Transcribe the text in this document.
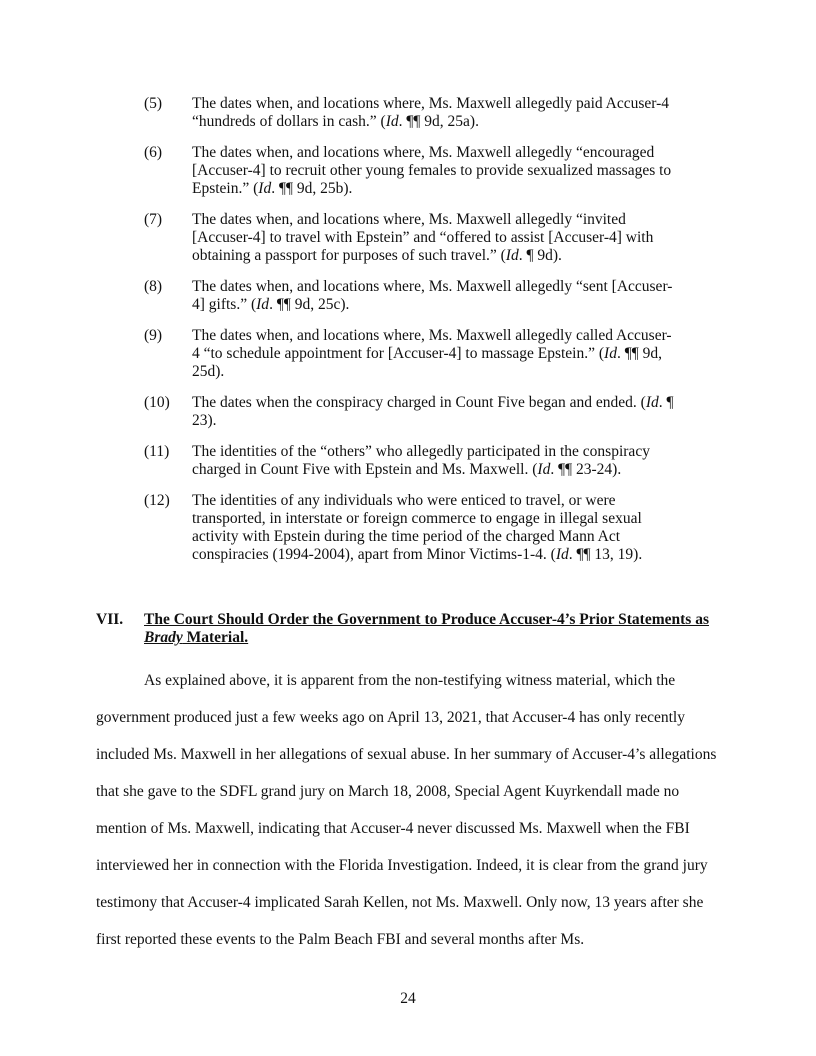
(5)	The dates when, and locations where, Ms. Maxwell allegedly paid Accuser-4 “hundreds of dollars in cash.” (Id. ¶¶ 9d, 25a).
(6)	The dates when, and locations where, Ms. Maxwell allegedly “encouraged [Accuser-4] to recruit other young females to provide sexualized massages to Epstein.” (Id. ¶¶ 9d, 25b).
(7)	The dates when, and locations where, Ms. Maxwell allegedly “invited [Accuser-4] to travel with Epstein” and “offered to assist [Accuser-4] with obtaining a passport for purposes of such travel.” (Id. ¶ 9d).
(8)	The dates when, and locations where, Ms. Maxwell allegedly “sent [Accuser-4] gifts.” (Id. ¶¶ 9d, 25c).
(9)	The dates when, and locations where, Ms. Maxwell allegedly called Accuser-4 “to schedule appointment for [Accuser-4] to massage Epstein.” (Id. ¶¶ 9d, 25d).
(10)	The dates when the conspiracy charged in Count Five began and ended. (Id. ¶ 23).
(11)	The identities of the “others” who allegedly participated in the conspiracy charged in Count Five with Epstein and Ms. Maxwell. (Id. ¶¶ 23-24).
(12)	The identities of any individuals who were enticed to travel, or were transported, in interstate or foreign commerce to engage in illegal sexual activity with Epstein during the time period of the charged Mann Act conspiracies (1994-2004), apart from Minor Victims-1-4. (Id. ¶¶ 13, 19).
VII.	The Court Should Order the Government to Produce Accuser-4’s Prior Statements as Brady Material.
As explained above, it is apparent from the non-testifying witness material, which the government produced just a few weeks ago on April 13, 2021, that Accuser-4 has only recently included Ms. Maxwell in her allegations of sexual abuse. In her summary of Accuser-4’s allegations that she gave to the SDFL grand jury on March 18, 2008, Special Agent Kuyrkendall made no mention of Ms. Maxwell, indicating that Accuser-4 never discussed Ms. Maxwell when the FBI interviewed her in connection with the Florida Investigation. Indeed, it is clear from the grand jury testimony that Accuser-4 implicated Sarah Kellen, not Ms. Maxwell. Only now, 13 years after she first reported these events to the Palm Beach FBI and several months after Ms.
24
